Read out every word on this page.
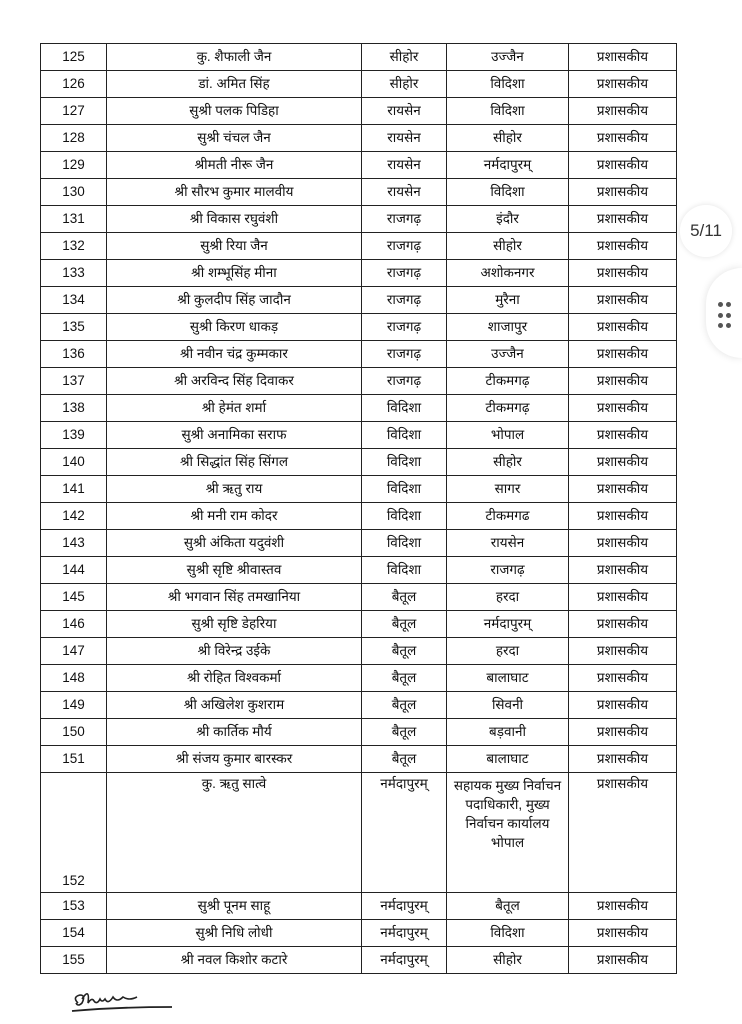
125	कु. शैफाली जैन	सीहोर	उज्जैन	प्रशासकीय
126	डां. अमित सिंह	सीहोर	विदिशा	प्रशासकीय
127	सुश्री पलक पिडिहा	रायसेन	विदिशा	प्रशासकीय
128	सुश्री चंचल जैन	रायसेन	सीहोर	प्रशासकीय
129	श्रीमती नीरू जैन	रायसेन	नर्मदापुरम्	प्रशासकीय
130	श्री सौरभ कुमार मालवीय	रायसेन	विदिशा	प्रशासकीय
131	श्री विकास रघुवंशी	राजगढ़	इंदौर	प्रशासकीय
132	सुश्री रिया जैन	राजगढ़	सीहोर	प्रशासकीय
133	श्री शम्भूसिंह मीना	राजगढ़	अशोकनगर	प्रशासकीय
134	श्री कुलदीप सिंह जादौन	राजगढ़	मुरैना	प्रशासकीय
135	सुश्री किरण धाकड़	राजगढ़	शाजापुर	प्रशासकीय
136	श्री नवीन चंद्र कुम्मकार	राजगढ़	उज्जैन	प्रशासकीय
137	श्री अरविन्द सिंह दिवाकर	राजगढ़	टीकमगढ़	प्रशासकीय
138	श्री हेमंत शर्मा	विदिशा	टीकमगढ़	प्रशासकीय
139	सुश्री अनामिका सराफ	विदिशा	भोपाल	प्रशासकीय
140	श्री सिद्धांत सिंह सिंगल	विदिशा	सीहोर	प्रशासकीय
141	श्री ऋतु राय	विदिशा	सागर	प्रशासकीय
142	श्री मनी राम कोदर	विदिशा	टीकमगढ	प्रशासकीय
143	सुश्री अंकिता यदुवंशी	विदिशा	रायसेन	प्रशासकीय
144	सुश्री सृष्टि श्रीवास्तव	विदिशा	राजगढ़	प्रशासकीय
145	श्री भगवान सिंह तमखानिया	बैतूल	हरदा	प्रशासकीय
146	सुश्री सृष्टि डेहरिया	बैतूल	नर्मदापुरम्	प्रशासकीय
147	श्री विरेन्द्र उईके	बैतूल	हरदा	प्रशासकीय
148	श्री रोहित विश्वकर्मा	बैतूल	बालाघाट	प्रशासकीय
149	श्री अखिलेश कुशराम	बैतूल	सिवनी	प्रशासकीय
150	श्री कार्तिक मौर्य	बैतूल	बड़वानी	प्रशासकीय
151	श्री संजय कुमार बारस्कर	बैतूल	बालाघाट	प्रशासकीय
152	कु. ऋतु सात्वे	नर्मदापुरम्	सहायक मुख्य निर्वाचन पदाधिकारी, मुख्य निर्वाचन कार्यालय भोपाल	प्रशासकीय
153	सुश्री पूनम साहू	नर्मदापुरम्	बैतूल	प्रशासकीय
154	सुश्री निधि लोधी	नर्मदापुरम्	विदिशा	प्रशासकीय
155	श्री नवल किशोर कटारे	नर्मदापुरम्	सीहोर	प्रशासकीय
5/11
